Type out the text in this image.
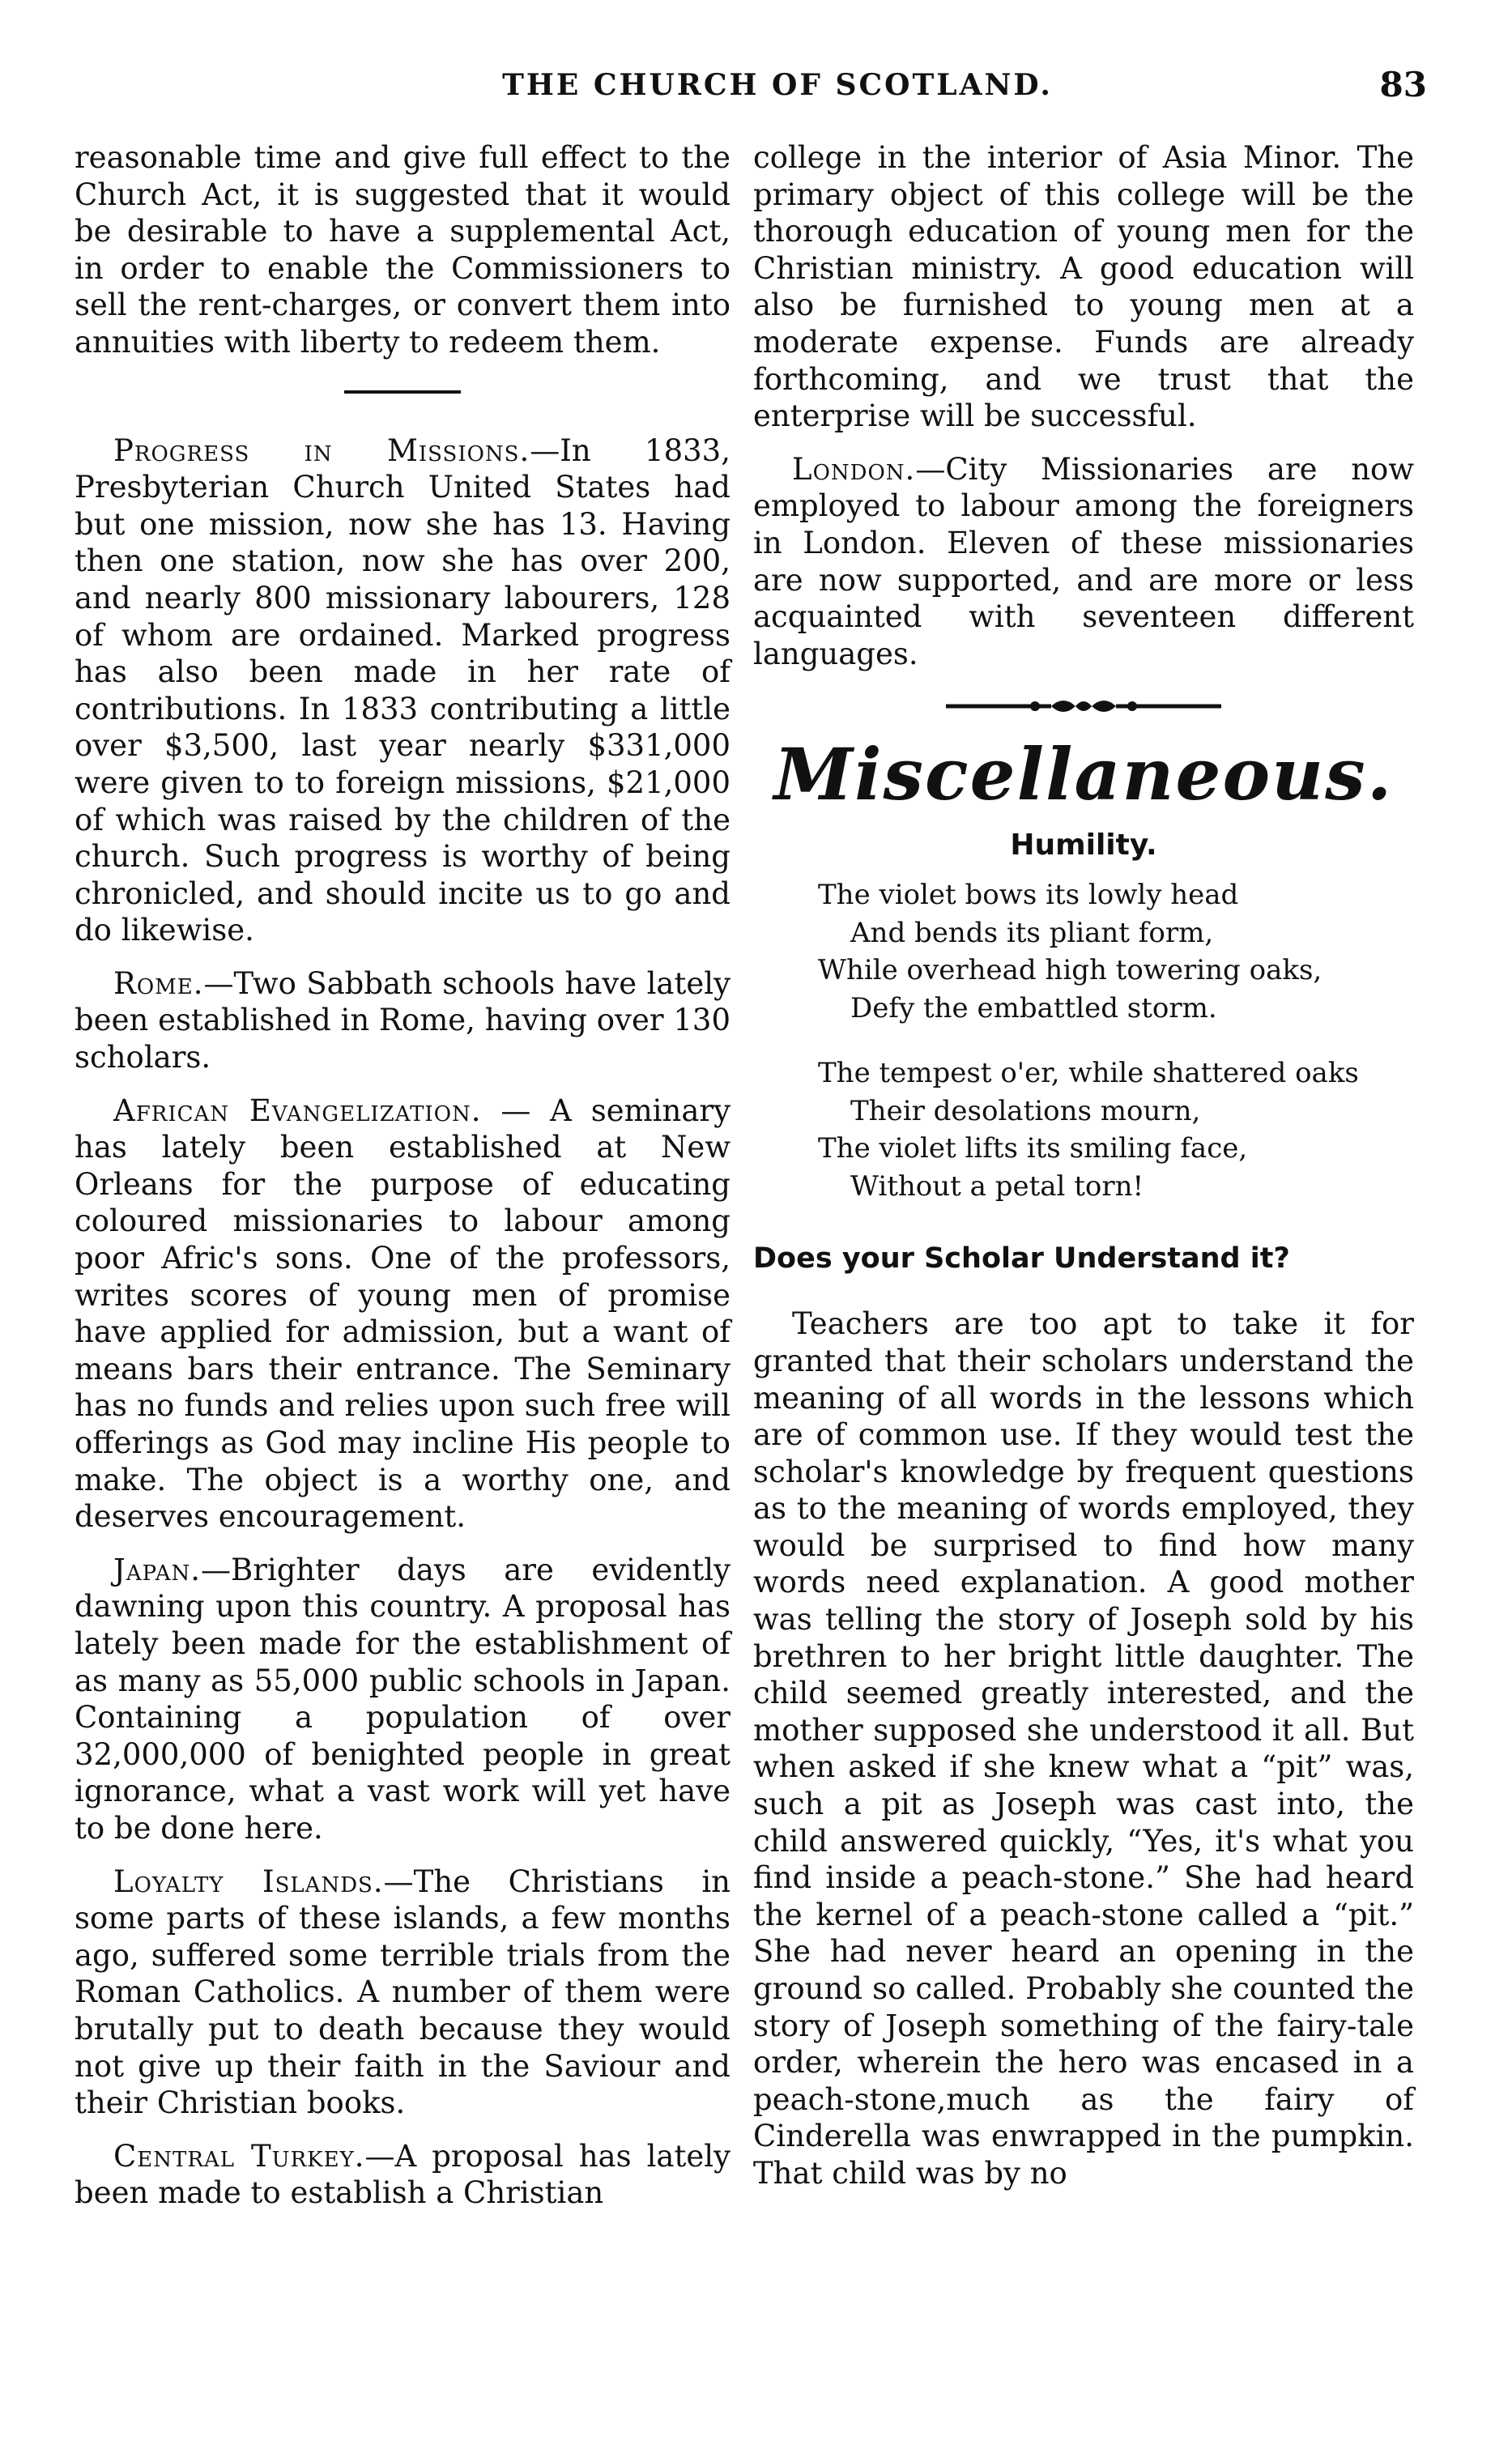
THE CHURCH OF SCOTLAND.	83

reasonable time and give full effect to the Church Act, it is suggested that it would be desirable to have a supplemental Act, in order to enable the Commissioners to sell the rent-charges, or convert them into annuities with liberty to redeem them.

Progress in Missions.—In 1833, Presbyterian Church United States had but one mission, now she has 13. Having then one station, now she has over 200, and nearly 800 missionary labourers, 128 of whom are ordained. Marked progress has also been made in her rate of contributions. In 1833 contributing a little over $3,500, last year nearly $331,000 were given to to foreign missions, $21,000 of which was raised by the children of the church. Such progress is worthy of being chronicled, and should incite us to go and do likewise.

Rome.—Two Sabbath schools have lately been established in Rome, having over 130 scholars.

African Evangelization. — A seminary has lately been established at New Orleans for the purpose of educating coloured missionaries to labour among poor Afric's sons. One of the professors, writes scores of young men of promise have applied for admission, but a want of means bars their entrance. The Seminary has no funds and relies upon such free will offerings as God may incline His people to make. The object is a worthy one, and deserves encouragement.

Japan.—Brighter days are evidently dawning upon this country. A proposal has lately been made for the establishment of as many as 55,000 public schools in Japan. Containing a population of over 32,000,000 of benighted people in great ignorance, what a vast work will yet have to be done here.

Loyalty Islands.—The Christians in some parts of these islands, a few months ago, suffered some terrible trials from the Roman Catholics. A number of them were brutally put to death because they would not give up their faith in the Saviour and their Christian books.

Central Turkey.—A proposal has lately been made to establish a Christian

college in the interior of Asia Minor. The primary object of this college will be the thorough education of young men for the Christian ministry. A good education will also be furnished to young men at a moderate expense. Funds are already forthcoming, and we trust that the enterprise will be successful.

London.—City Missionaries are now employed to labour among the foreigners in London. Eleven of these missionaries are now supported, and are more or less acquainted with seventeen different languages.

Miscellaneous.
Humility.
The violet bows its lowly head
And bends its pliant form,
While overhead high towering oaks,
Defy the embattled storm.
The tempest o'er, while shattered oaks
Their desolations mourn,
The violet lifts its smiling face,
Without a petal torn!
Does your Scholar Understand it?

Teachers are too apt to take it for granted that their scholars understand the meaning of all words in the lessons which are of common use. If they would test the scholar's knowledge by frequent questions as to the meaning of words employed, they would be surprised to find how many words need explanation. A good mother was telling the story of Joseph sold by his brethren to her bright little daughter. The child seemed greatly interested, and the mother supposed she understood it all. But when asked if she knew what a “pit” was, such a pit as Joseph was cast into, the child answered quickly, “Yes, it's what you find inside a peach-stone.” She had heard the kernel of a peach-stone called a “pit.” She had never heard an opening in the ground so called. Probably she counted the story of Joseph something of the fairy-tale order, wherein the hero was encased in a peach-stone,much as the fairy of Cinderella was enwrapped in the pumpkin. That child was by no
